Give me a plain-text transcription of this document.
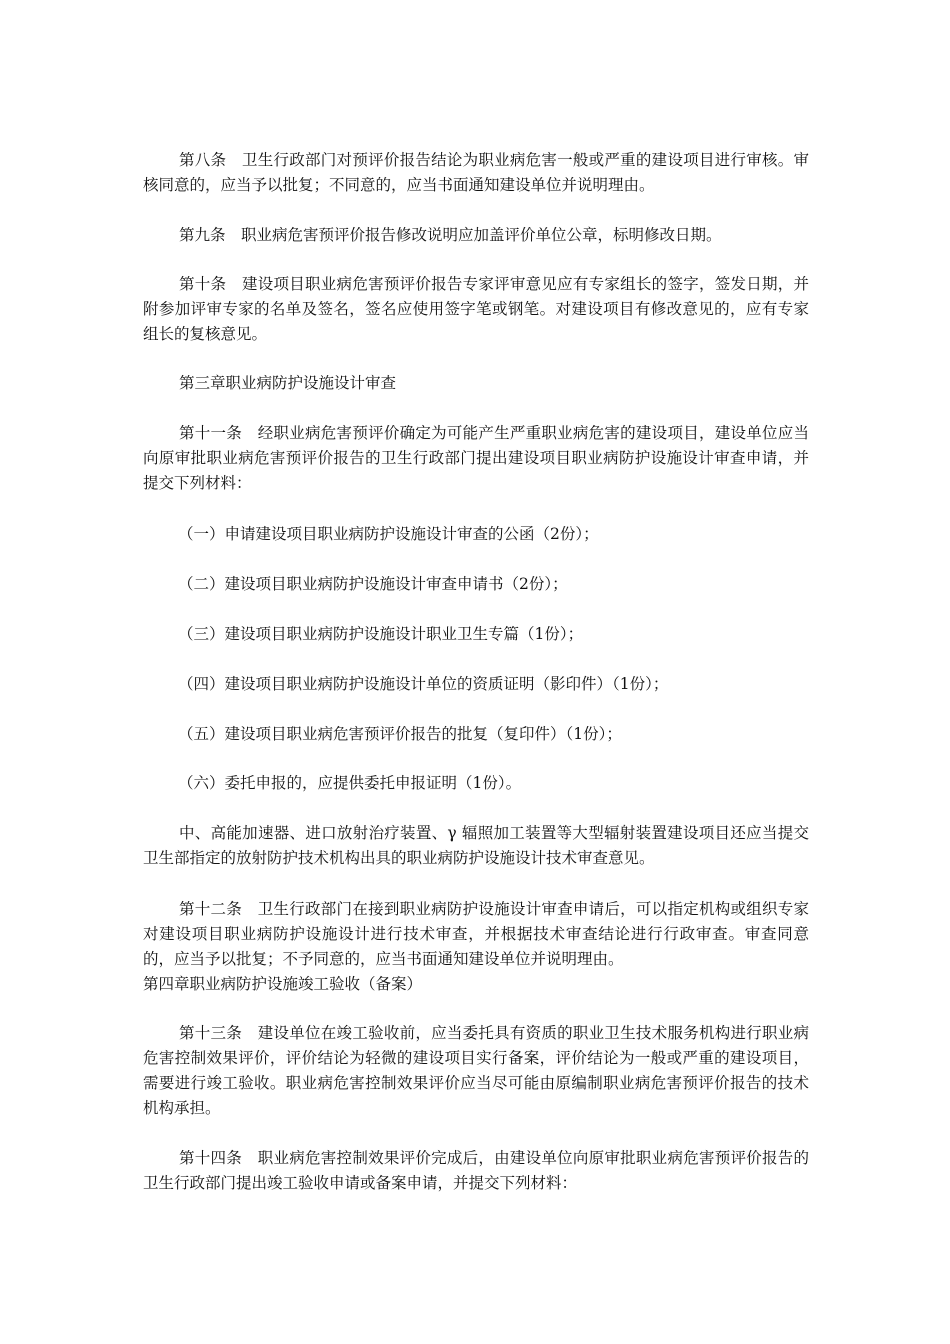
第八条　卫生行政部门对预评价报告结论为职业病危害一般或严重的建设项目进行审核。审核同意的，应当予以批复；不同意的，应当书面通知建设单位并说明理由。

第九条　职业病危害预评价报告修改说明应加盖评价单位公章，标明修改日期。

第十条　建设项目职业病危害预评价报告专家评审意见应有专家组长的签字，签发日期，并附参加评审专家的名单及签名，签名应使用签字笔或钢笔。对建设项目有修改意见的，应有专家组长的复核意见。

第三章职业病防护设施设计审查

第十一条　经职业病危害预评价确定为可能产生严重职业病危害的建设项目，建设单位应当向原审批职业病危害预评价报告的卫生行政部门提出建设项目职业病防护设施设计审查申请，并提交下列材料：

（一）申请建设项目职业病防护设施设计审查的公函（2份）；

（二）建设项目职业病防护设施设计审查申请书（2份）；

（三）建设项目职业病防护设施设计职业卫生专篇（1份）；

（四）建设项目职业病防护设施设计单位的资质证明（影印件）（1份）；

（五）建设项目职业病危害预评价报告的批复（复印件）（1份）；

（六）委托申报的，应提供委托申报证明（1份）。

中、高能加速器、进口放射治疗装置、γ 辐照加工装置等大型辐射装置建设项目还应当提交卫生部指定的放射防护技术机构出具的职业病防护设施设计技术审查意见。

第十二条　卫生行政部门在接到职业病防护设施设计审查申请后，可以指定机构或组织专家对建设项目职业病防护设施设计进行技术审查，并根据技术审查结论进行行政审查。审查同意的，应当予以批复；不予同意的，应当书面通知建设单位并说明理由。

第四章职业病防护设施竣工验收（备案）

第十三条　建设单位在竣工验收前，应当委托具有资质的职业卫生技术服务机构进行职业病危害控制效果评价，评价结论为轻微的建设项目实行备案，评价结论为一般或严重的建设项目，需要进行竣工验收。职业病危害控制效果评价应当尽可能由原编制职业病危害预评价报告的技术机构承担。

第十四条　职业病危害控制效果评价完成后，由建设单位向原审批职业病危害预评价报告的卫生行政部门提出竣工验收申请或备案申请，并提交下列材料：
